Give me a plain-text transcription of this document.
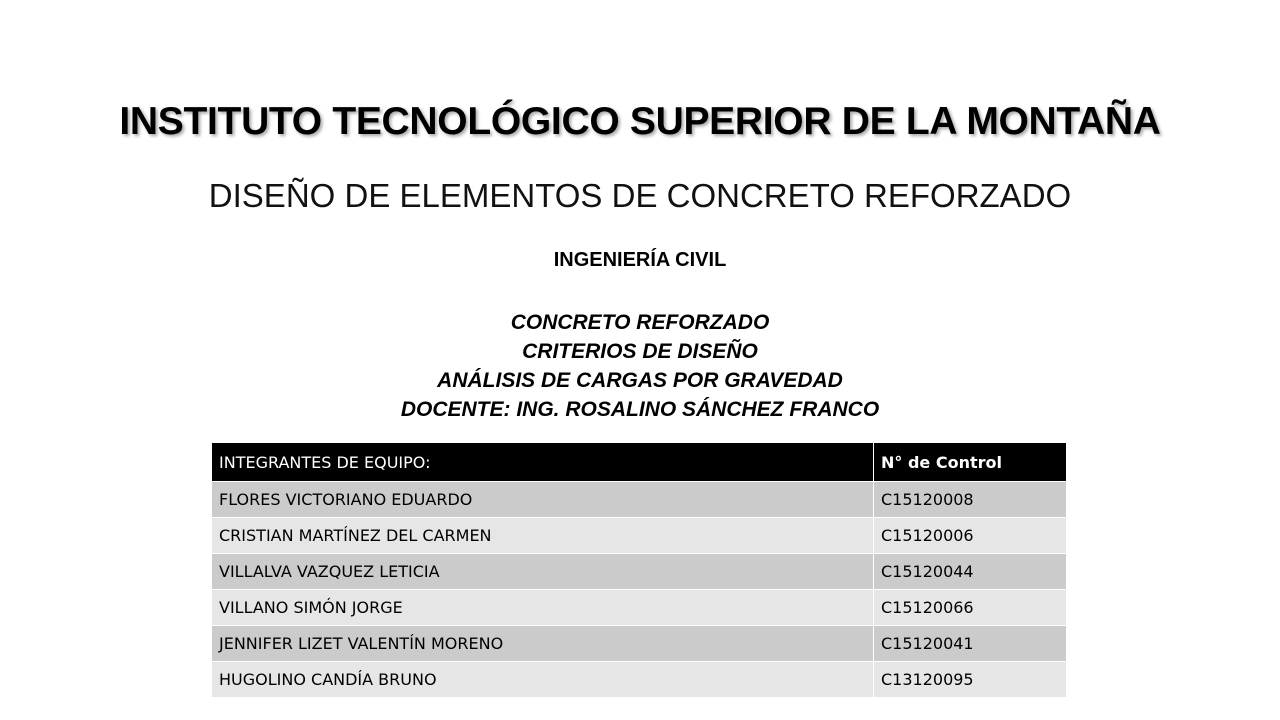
INSTITUTO TECNOLÓGICO SUPERIOR DE LA MONTAÑA
DISEÑO DE ELEMENTOS DE CONCRETO REFORZADO
INGENIERÍA CIVIL
CONCRETO REFORZADO
CRITERIOS DE DISEÑO
ANÁLISIS DE CARGAS POR GRAVEDAD
DOCENTE: ING. ROSALINO SÁNCHEZ FRANCO
INTEGRANTES DE EQUIPO:	N° de Control
FLORES VICTORIANO EDUARDO	C15120008
CRISTIAN MARTÍNEZ DEL CARMEN	C15120006
VILLALVA VAZQUEZ LETICIA	C15120044
VILLANO SIMÓN JORGE	C15120066
JENNIFER LIZET VALENTÍN MORENO	C15120041
HUGOLINO CANDÍA BRUNO	C13120095
